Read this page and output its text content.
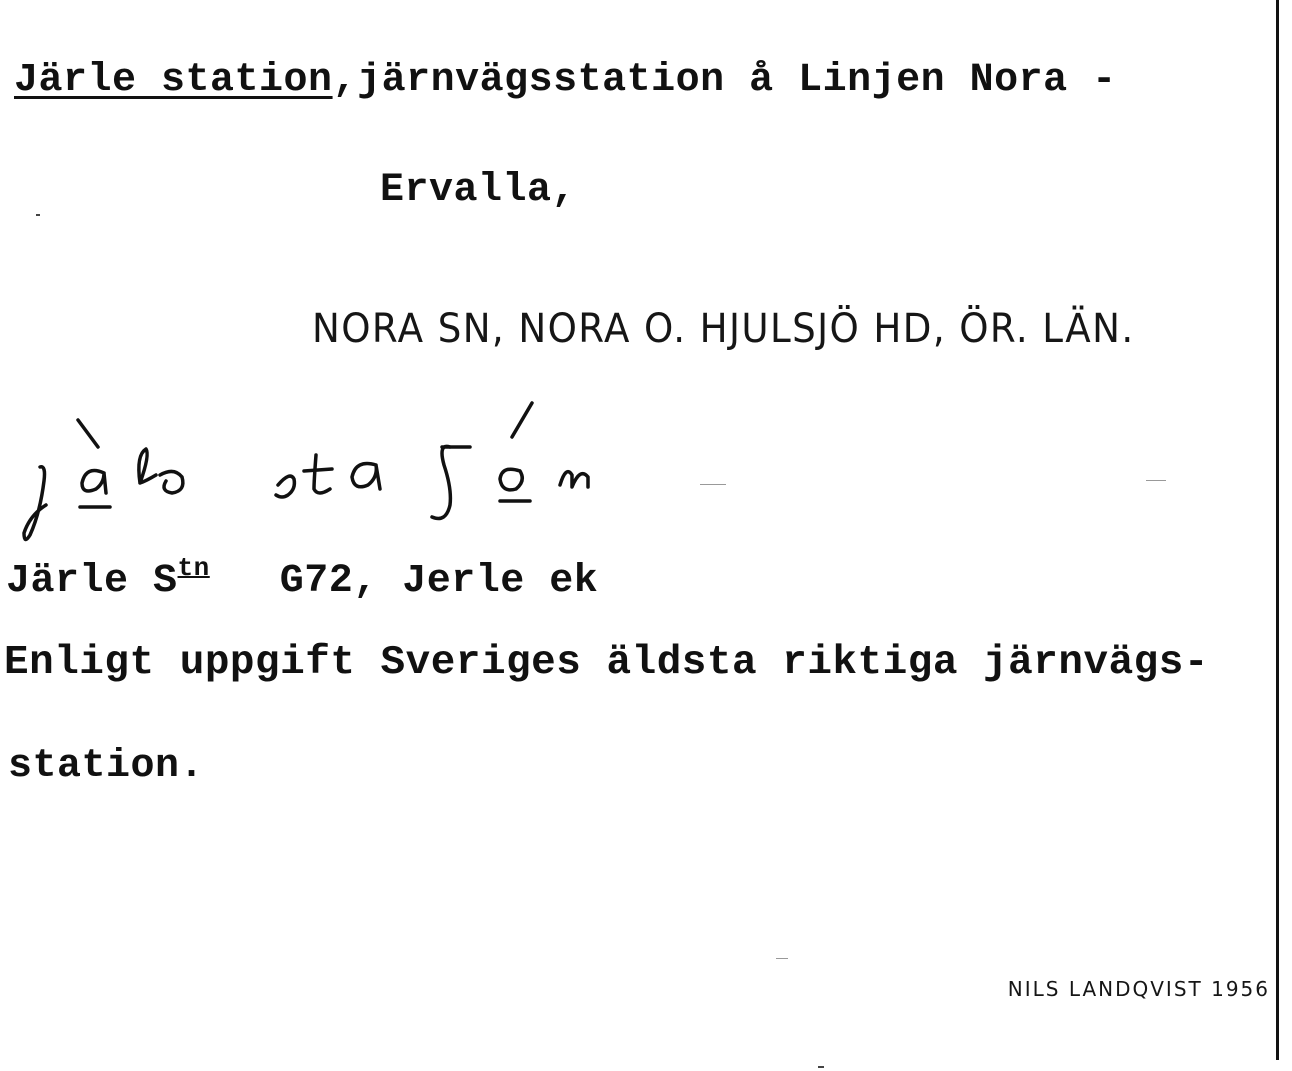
Järle station,järnvägsstation å Linjen Nora -
Ervalla,
NORA SN, NORA O. HJULSJÖ HD, ÖR. LÄN.
Järle $S^{tn}$ G72, Jerle ek
Enligt uppgift Sveriges äldsta riktiga järnvägs-
station.
NILS LANDQVIST 1956
